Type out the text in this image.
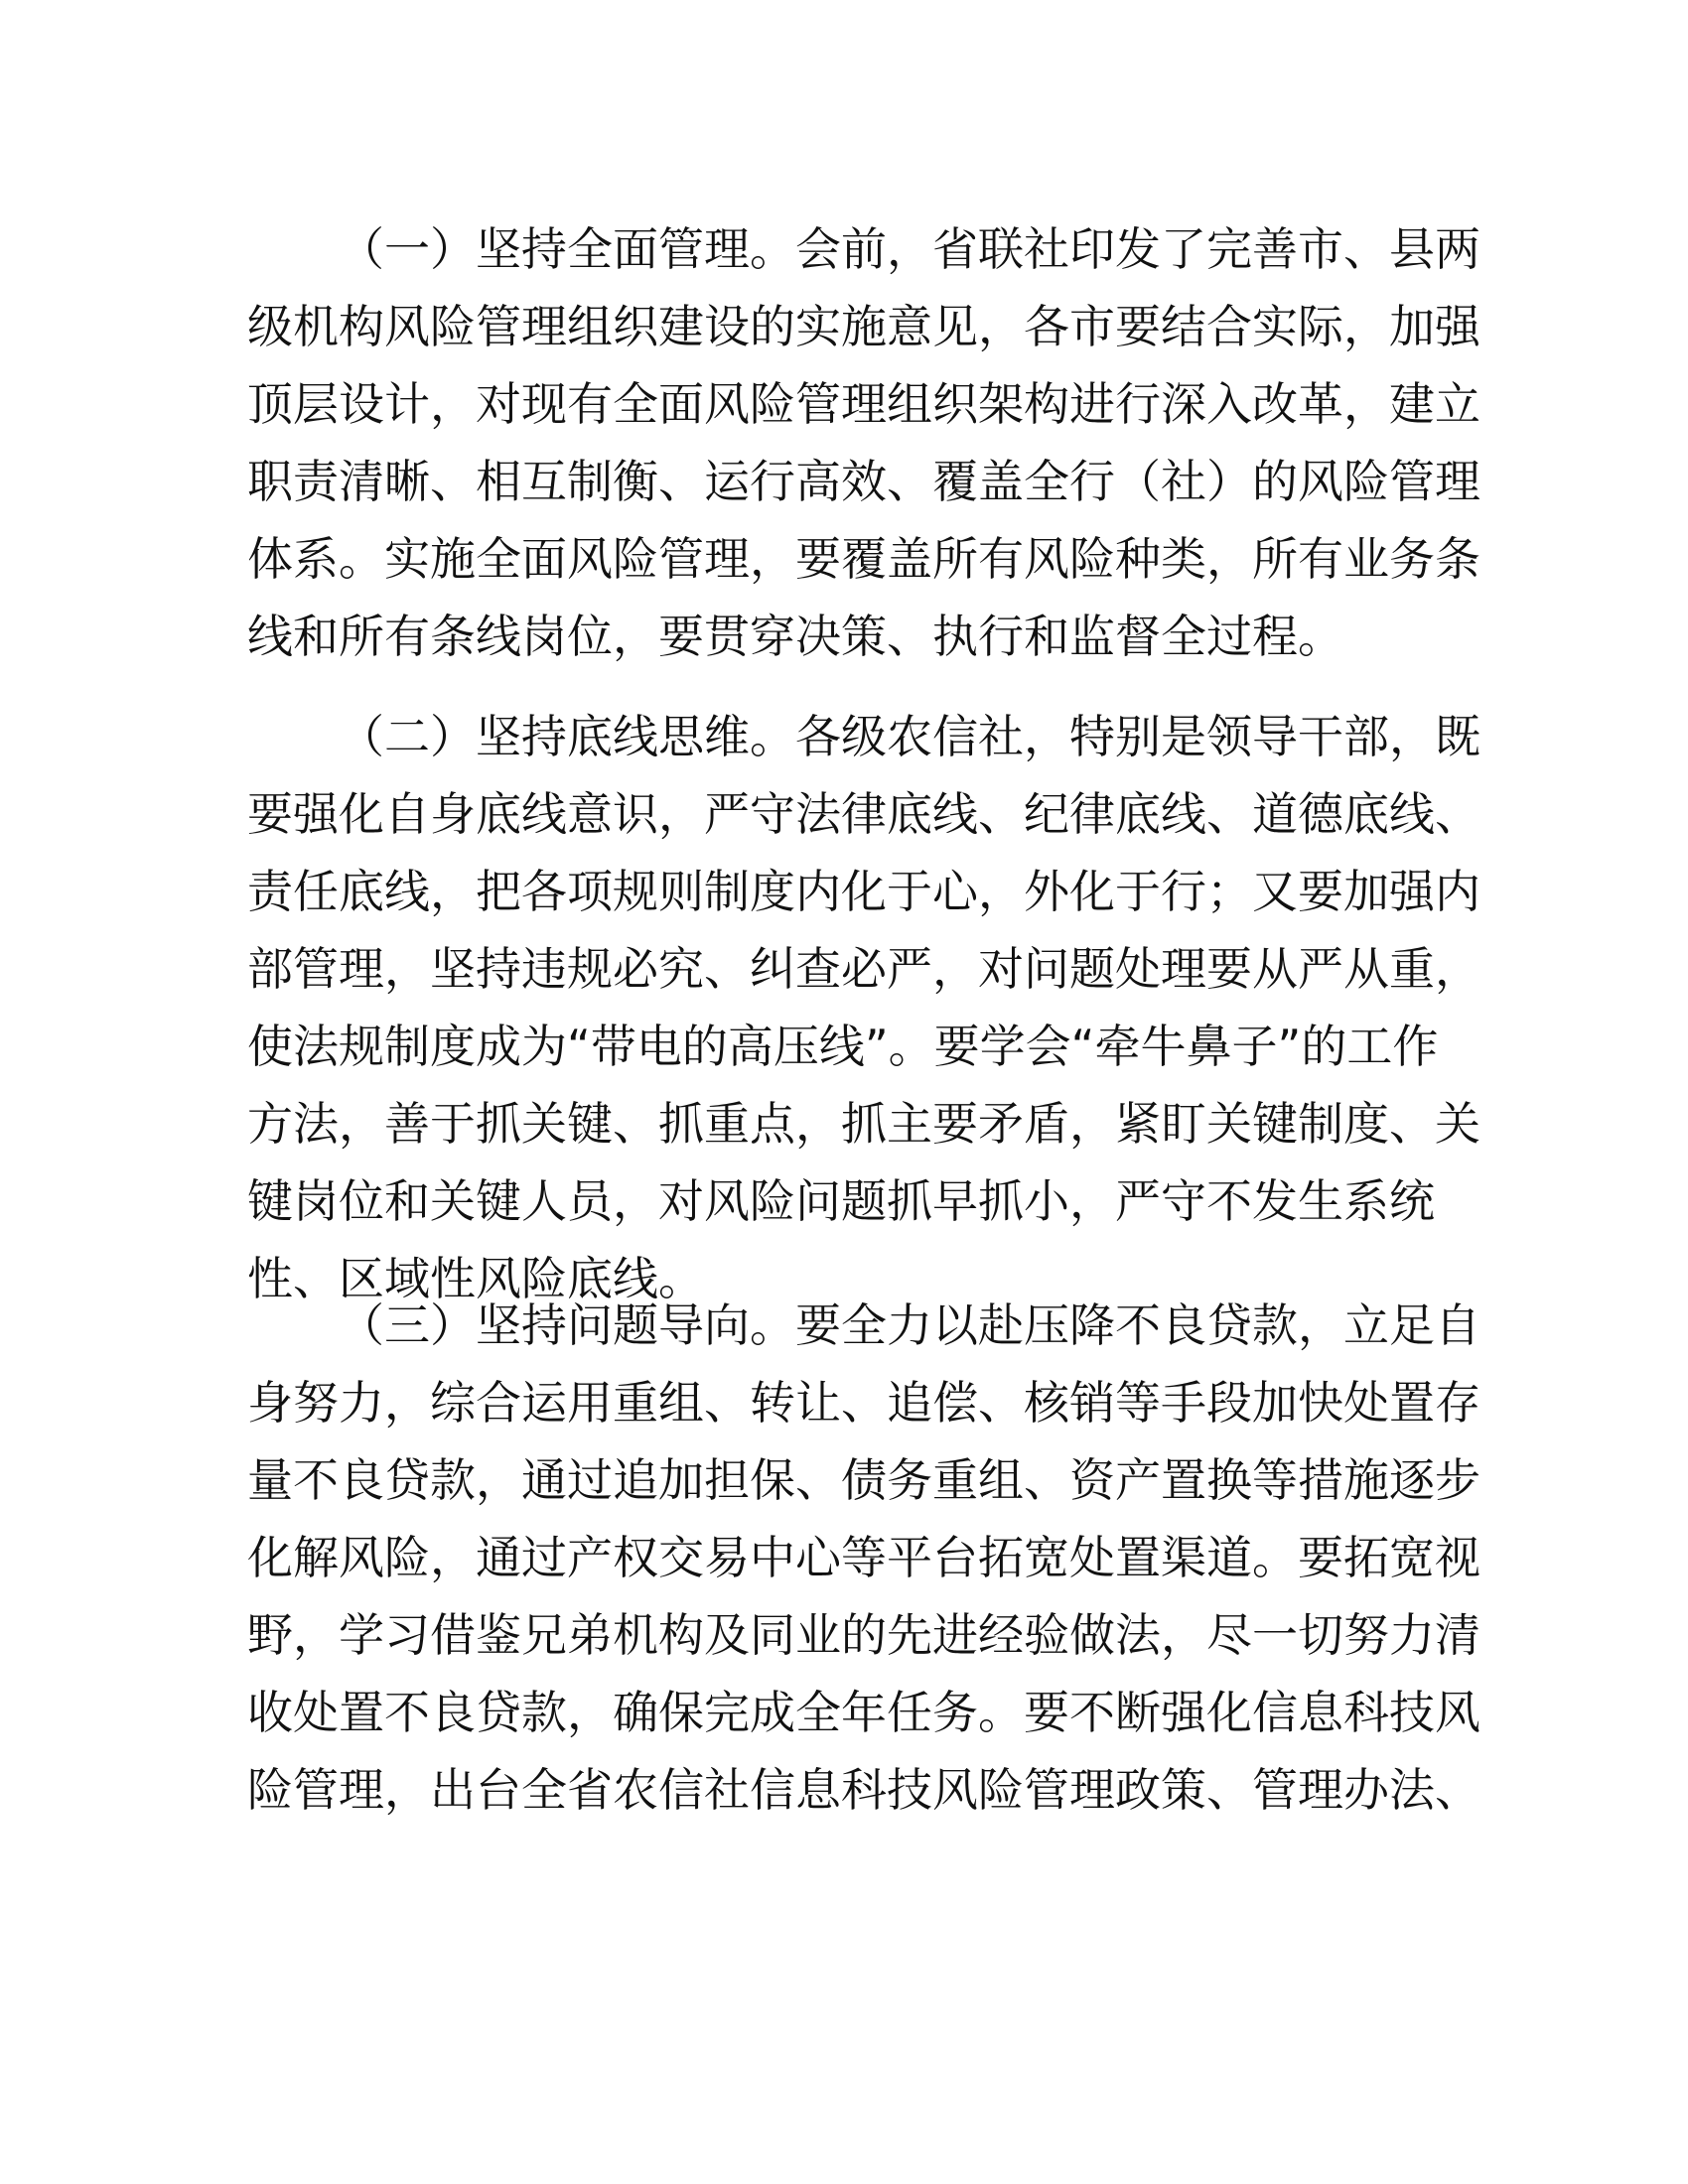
（一）坚持全面管理。会前，省联社印发了完善市、县两
级机构风险管理组织建设的实施意见，各市要结合实际，加强
顶层设计，对现有全面风险管理组织架构进行深入改革，建立
职责清晰、相互制衡、运行高效、覆盖全行（社）的风险管理
体系。实施全面风险管理，要覆盖所有风险种类，所有业务条
线和所有条线岗位，要贯穿决策、执行和监督全过程。
（二）坚持底线思维。各级农信社，特别是领导干部，既
要强化自身底线意识，严守法律底线、纪律底线、道德底线、
责任底线，把各项规则制度内化于心，外化于行；又要加强内
部管理，坚持违规必究、纠查必严，对问题处理要从严从重，
使法规制度成为“带电的高压线”。要学会“牵牛鼻子”的工作
方法，善于抓关键、抓重点，抓主要矛盾，紧盯关键制度、关
键岗位和关键人员，对风险问题抓早抓小，严守不发生系统
性、区域性风险底线。
（三）坚持问题导向。要全力以赴压降不良贷款，立足自
身努力，综合运用重组、转让、追偿、核销等手段加快处置存
量不良贷款，通过追加担保、债务重组、资产置换等措施逐步
化解风险，通过产权交易中心等平台拓宽处置渠道。要拓宽视
野，学习借鉴兄弟机构及同业的先进经验做法，尽一切努力清
收处置不良贷款，确保完成全年任务。要不断强化信息科技风
险管理，出台全省农信社信息科技风险管理政策、管理办法、
